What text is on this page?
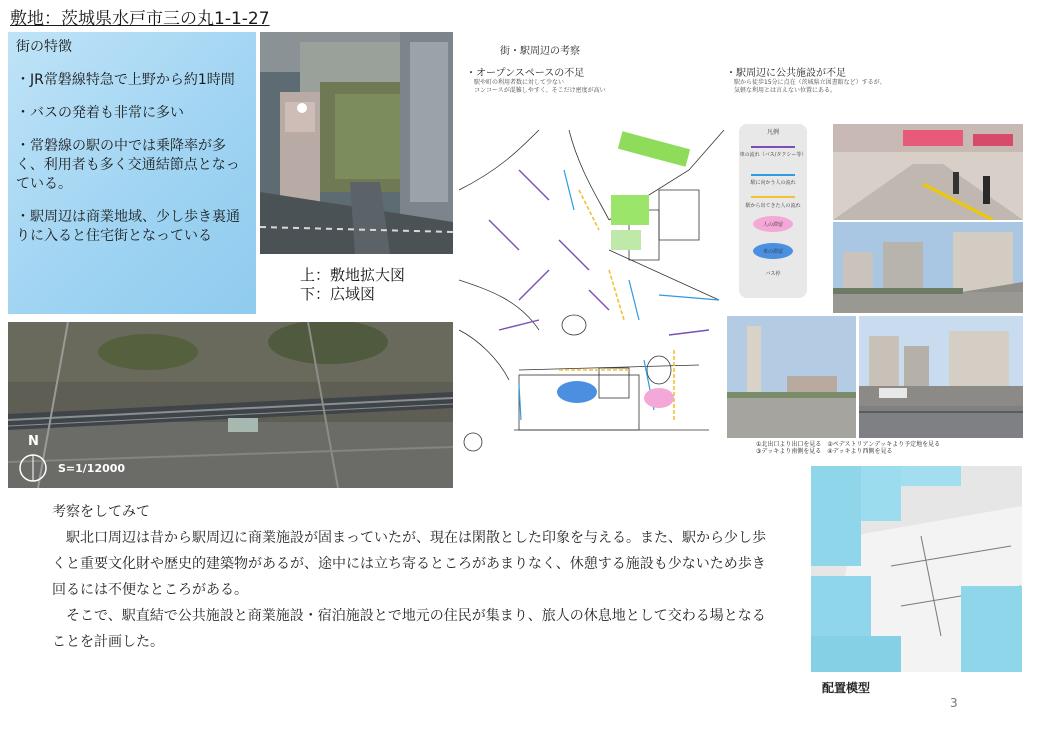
敷地：茨城県水戸市三の丸1-1-27

街の特徴

・JR常磐線特急で上野から約1時間

・バスの発着も非常に多い

・常磐線の駅の中では乗降率が多く、利用者も多く交通結節点となっている。

・駅周辺は商業地域、少し歩き裏通りに入ると住宅街となっている

上：敷地拡大図
下：広域図
N
S=1/12000
街・駅周辺の考察
・オープンスペースの不足
駅や町の利用者数に対して少ない
コンコースが混雑しやすく、そこだけ密度が高い
・駅周辺に公共施設が不足
駅から徒歩15分に点在（茨城県立図書館など）するが、
気軽な利用とは言えない位置にある。
凡例
車の流れ（バス/タクシー等）
駅に向かう人の流れ
駅から出てきた人の流れ
人の滞留
車の滞留
バス停
①北出口より出口を見る　②ペデストリアンデッキより予定地を見る
③デッキより南側を見る　④デッキより西側を見る

考察をしてみて

　駅北口周辺は昔から駅周辺に商業施設が固まっていたが、現在は閑散とした印象を与える。また、駅から少し歩くと重要文化財や歴史的建築物があるが、途中には立ち寄るところがあまりなく、休憩する施設も少ないため歩き回るには不便なところがある。

　そこで、駅直結で公共施設と商業施設・宿泊施設とで地元の住民が集まり、旅人の休息地として交わる場となることを計画した。

配置模型
3
